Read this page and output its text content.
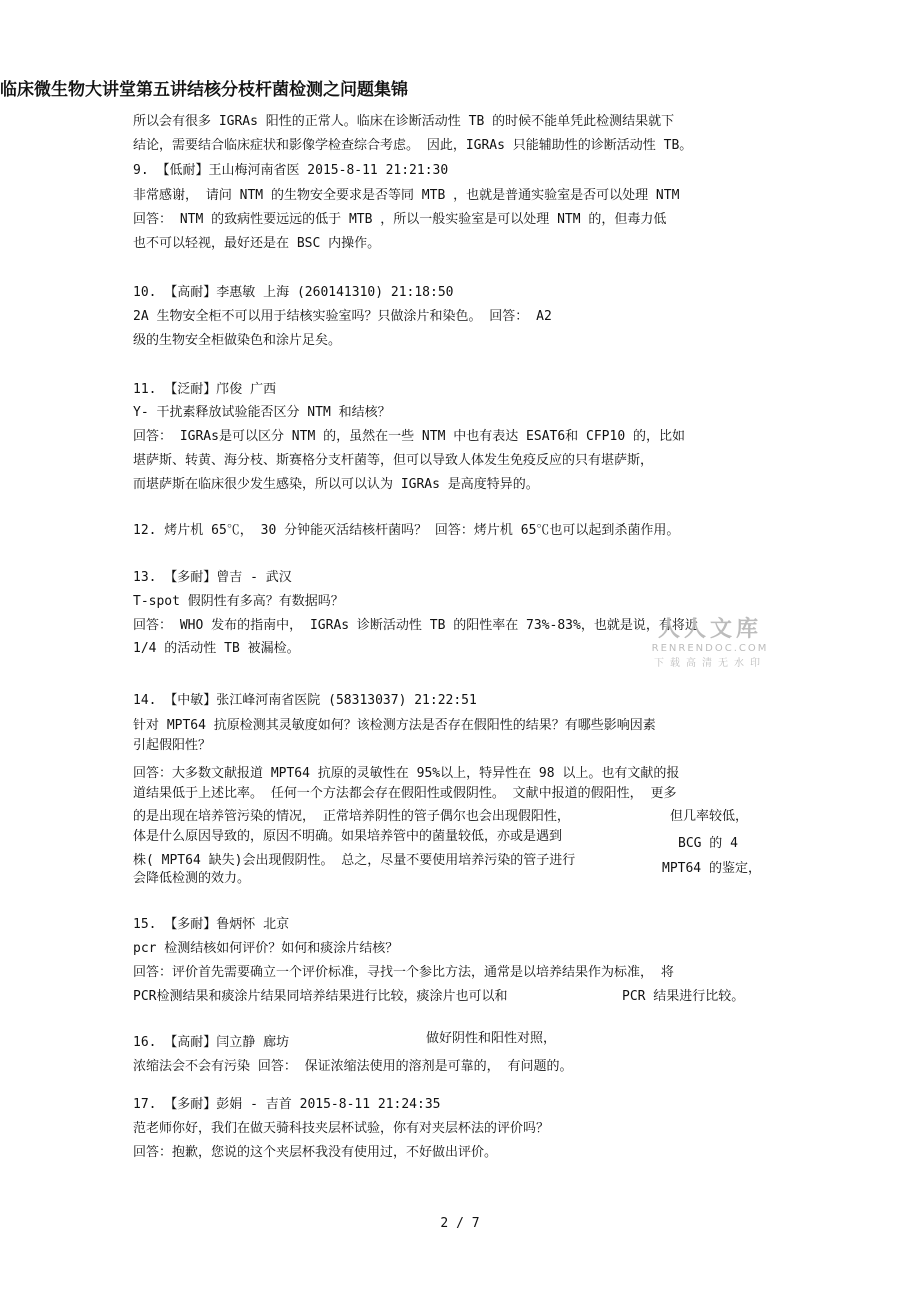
临床微生物大讲堂第五讲结核分枝杆菌检测之问题集锦
所以会有很多 IGRAs 阳性的正常人。临床在诊断活动性 TB 的时候不能单凭此检测结果就下
结论，需要结合临床症状和影像学检查综合考虑。 因此，IGRAs 只能辅助性的诊断活动性 TB。
9. 【低耐】王山梅河南省医 2015-8-11 21:21:30
非常感谢， 请问 NTM 的生物安全要求是否等同 MTB ，也就是普通实验室是否可以处理 NTM
回答： NTM 的致病性要远远的低于 MTB ，所以一般实验室是可以处理 NTM 的，但毒力低
也不可以轻视，最好还是在 BSC 内操作。
10. 【高耐】李惠敏 上海 (260141310) 21:18:50
2A 生物安全柜不可以用于结核实验室吗？只做涂片和染色。 回答： A2
级的生物安全柜做染色和涂片足矣。
11. 【泛耐】邝俊 广西
Y- 干扰素释放试验能否区分 NTM 和结核？
回答： IGRAs是可以区分 NTM 的，虽然在一些 NTM 中也有表达 ESAT6和 CFP10 的，比如
堪萨斯、转黄、海分枝、斯赛格分支杆菌等，但可以导致人体发生免疫反应的只有堪萨斯，
而堪萨斯在临床很少发生感染，所以可以认为 IGRAs 是高度特异的。
12. 烤片机 65℃， 30 分钟能灭活结核杆菌吗？ 回答：烤片机 65℃也可以起到杀菌作用。
13. 【多耐】曾吉 - 武汉
T-spot 假阴性有多高？有数据吗？
回答： WHO 发布的指南中， IGRAs 诊断活动性 TB 的阳性率在 73%-83%，也就是说，有将近
1/4 的活动性 TB 被漏检。
14. 【中敏】张江峰河南省医院 (58313037) 21:22:51
针对 MPT64 抗原检测其灵敏度如何？该检测方法是否存在假阳性的结果？有哪些影响因素
引起假阳性？
回答：大多数文献报道 MPT64 抗原的灵敏性在 95%以上，特异性在 98 以上。也有文献的报
道结果低于上述比率。 任何一个方法都会存在假阳性或假阴性。 文献中报道的假阳性， 更多
的是出现在培养管污染的情况， 正常培养阴性的管子偶尔也会出现假阳性，
体是什么原因导致的，原因不明确。如果培养管中的菌量较低，亦或是遇到
株( MPT64 缺失)会出现假阴性。 总之，尽量不要使用培养污染的管子进行
会降低检测的效力。
但几率较低，
BCG 的 4
MPT64 的鉴定，
15. 【多耐】鲁炳怀 北京
pcr 检测结核如何评价？如何和痰涂片结核？
回答：评价首先需要确立一个评价标准，寻找一个参比方法，通常是以培养结果作为标准， 将
PCR检测结果和痰涂片结果同培养结果进行比较，痰涂片也可以和	PCR 结果进行比较。
16. 【高耐】闫立静 廊坊	做好阴性和阳性对照，
浓缩法会不会有污染 回答： 保证浓缩法使用的溶剂是可靠的， 有问题的。
17. 【多耐】彭娟 - 吉首 2015-8-11 21:24:35
范老师你好，我们在做天骑科技夹层杯试验，你有对夹层杯法的评价吗？
回答：抱歉，您说的这个夹层杯我没有使用过，不好做出评价。
人人文库
RENRENDOC.COM
下载高清无水印
2 / 7
